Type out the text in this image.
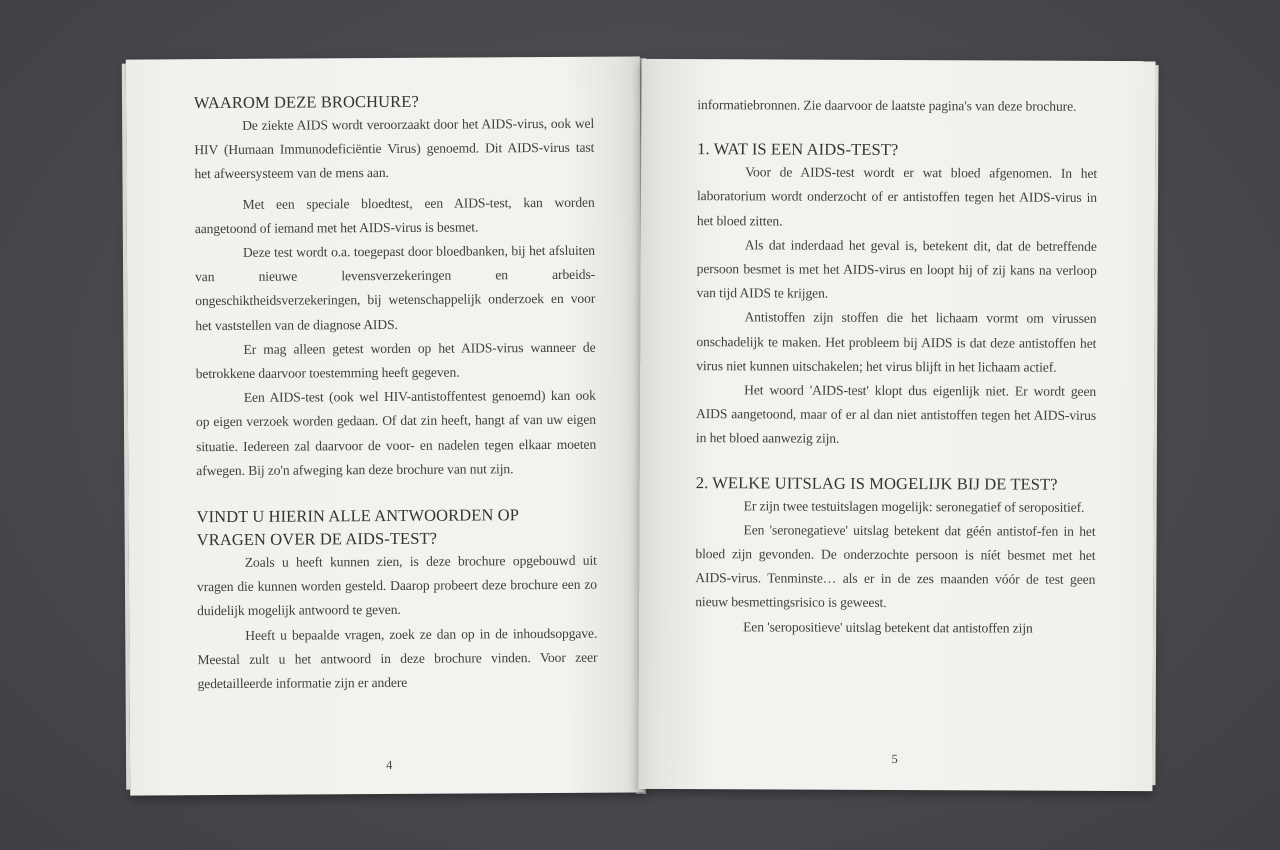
WAAROM DEZE BROCHURE?

De ziekte AIDS wordt veroorzaakt door het AIDS-virus, ook wel HIV (Humaan Immunodeficiëntie Virus) genoemd. Dit AIDS-virus tast het afweersysteem van de mens aan.

Met een speciale bloedtest, een AIDS-test, kan worden aangetoond of iemand met het AIDS-virus is besmet.

Deze test wordt o.a. toegepast door bloedbanken, bij het afsluiten van nieuwe levensverzekeringen en arbeids-ongeschiktheidsverzekeringen, bij wetenschappelijk onderzoek en voor het vaststellen van de diagnose AIDS.

Er mag alleen getest worden op het AIDS-virus wanneer de betrokkene daarvoor toestemming heeft gegeven.

Een AIDS-test (ook wel HIV-antistoffentest genoemd) kan ook op eigen verzoek worden gedaan. Of dat zin heeft, hangt af van uw eigen situatie. Iedereen zal daarvoor de voor- en nadelen tegen elkaar moeten afwegen. Bij zo'n afweging kan deze brochure van nut zijn.

VINDT U HIERIN ALLE ANTWOORDEN OP
VRAGEN OVER DE AIDS-TEST?

Zoals u heeft kunnen zien, is deze brochure opgebouwd uit vragen die kunnen worden gesteld. Daarop probeert deze brochure een zo duidelijk mogelijk antwoord te geven.

Heeft u bepaalde vragen, zoek ze dan op in de inhoudsopgave. Meestal zult u het antwoord in deze brochure vinden. Voor zeer gedetailleerde informatie zijn er andere

4

informatiebronnen. Zie daarvoor de laatste pagina's van deze brochure.

1. WAT IS EEN AIDS-TEST?

Voor de AIDS-test wordt er wat bloed afgenomen. In het laboratorium wordt onderzocht of er antistoffen tegen het AIDS-virus in het bloed zitten.

Als dat inderdaad het geval is, betekent dit, dat de betreffende persoon besmet is met het AIDS-virus en loopt hij of zij kans na verloop van tijd AIDS te krijgen.

Antistoffen zijn stoffen die het lichaam vormt om virussen onschadelijk te maken. Het probleem bij AIDS is dat deze antistoffen het virus niet kunnen uitschakelen; het virus blijft in het lichaam actief.

Het woord 'AIDS-test' klopt dus eigenlijk niet. Er wordt geen AIDS aangetoond, maar of er al dan niet antistoffen tegen het AIDS-virus in het bloed aanwezig zijn.

2. WELKE UITSLAG IS MOGELIJK BIJ DE TEST?

Er zijn twee testuitslagen mogelijk: seronegatief of seropositief.

Een 'seronegatieve' uitslag betekent dat géén antistof-fen in het bloed zijn gevonden. De onderzochte persoon is níét besmet met het AIDS-virus. Tenminste… als er in de zes maanden vóór de test geen nieuw besmettingsrisico is geweest.

Een 'seropositieve' uitslag betekent dat antistoffen zijn

5
